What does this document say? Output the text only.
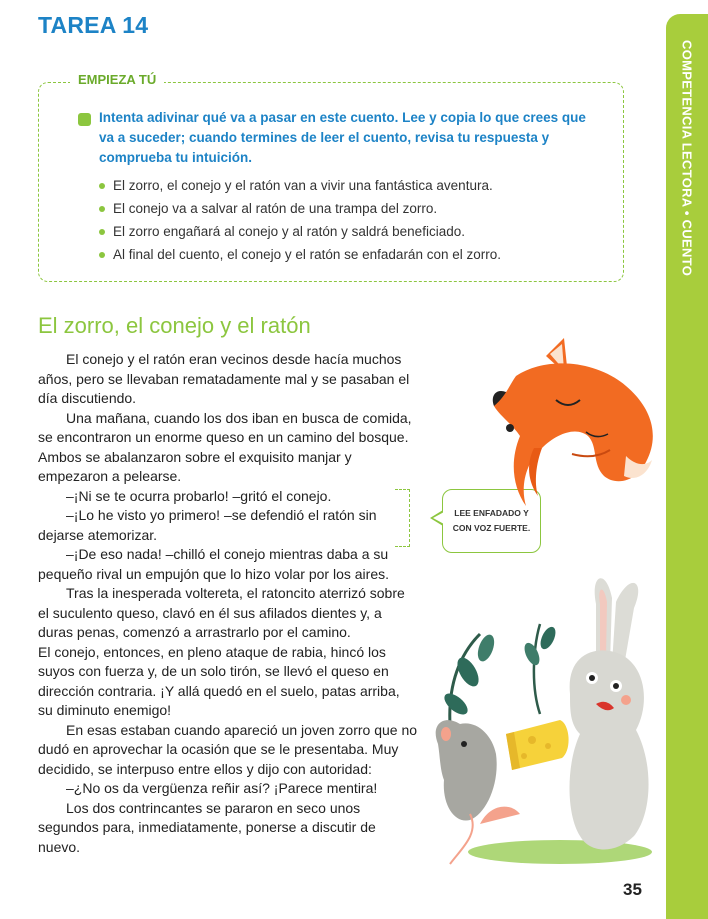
TAREA 14
COMPETENCIA LECTORA • CUENTO
EMPIEZA TÚ
Intenta adivinar qué va a pasar en este cuento. Lee y copia lo que crees que va a suceder; cuando termines de leer el cuento, revisa tu respuesta y comprueba tu intuición.
El zorro, el conejo y el ratón van a vivir una fantástica aventura.
El conejo va a salvar al ratón de una trampa del zorro.
El zorro engañará al conejo y al ratón y saldrá beneficiado.
Al final del cuento, el conejo y el ratón se enfadarán con el zorro.
El zorro, el conejo y el ratón

El conejo y el ratón eran vecinos desde hacía muchos años, pero se llevaban rematadamente mal y se pasaban el día discutiendo.

Una mañana, cuando los dos iban en busca de comida, se encontraron un enorme queso en un camino del bosque. Ambos se abalanzaron sobre el exquisito manjar y empezaron a pelearse.

–¡Ni se te ocurra probarlo! –gritó el conejo.

–¡Lo he visto yo primero! –se defendió el ratón sin dejarse atemorizar.

–¡De eso nada! –chilló el conejo mientras daba a su pequeño rival un empujón que lo hizo volar por los aires.

Tras la inesperada voltereta, el ratoncito aterrizó sobre el suculento queso, clavó en él sus afilados dientes y, a duras penas, comenzó a arrastrarlo por el camino.

El conejo, entonces, en pleno ataque de rabia, hincó los suyos con fuerza y, de un solo tirón, se llevó el queso en dirección contraria. ¡Y allá quedó en el suelo, patas arriba, su diminuto enemigo!

En esas estaban cuando apareció un joven zorro que no dudó en aprovechar la ocasión que se le presentaba. Muy decidido, se interpuso entre ellos y dijo con autoridad:

–¿No os da vergüenza reñir así? ¡Parece mentira!

Los dos contrincantes se pararon en seco unos segundos para, inmediatamente, ponerse a discutir de nuevo.

LEE ENFADADO Y CON VOZ FUERTE.
35
